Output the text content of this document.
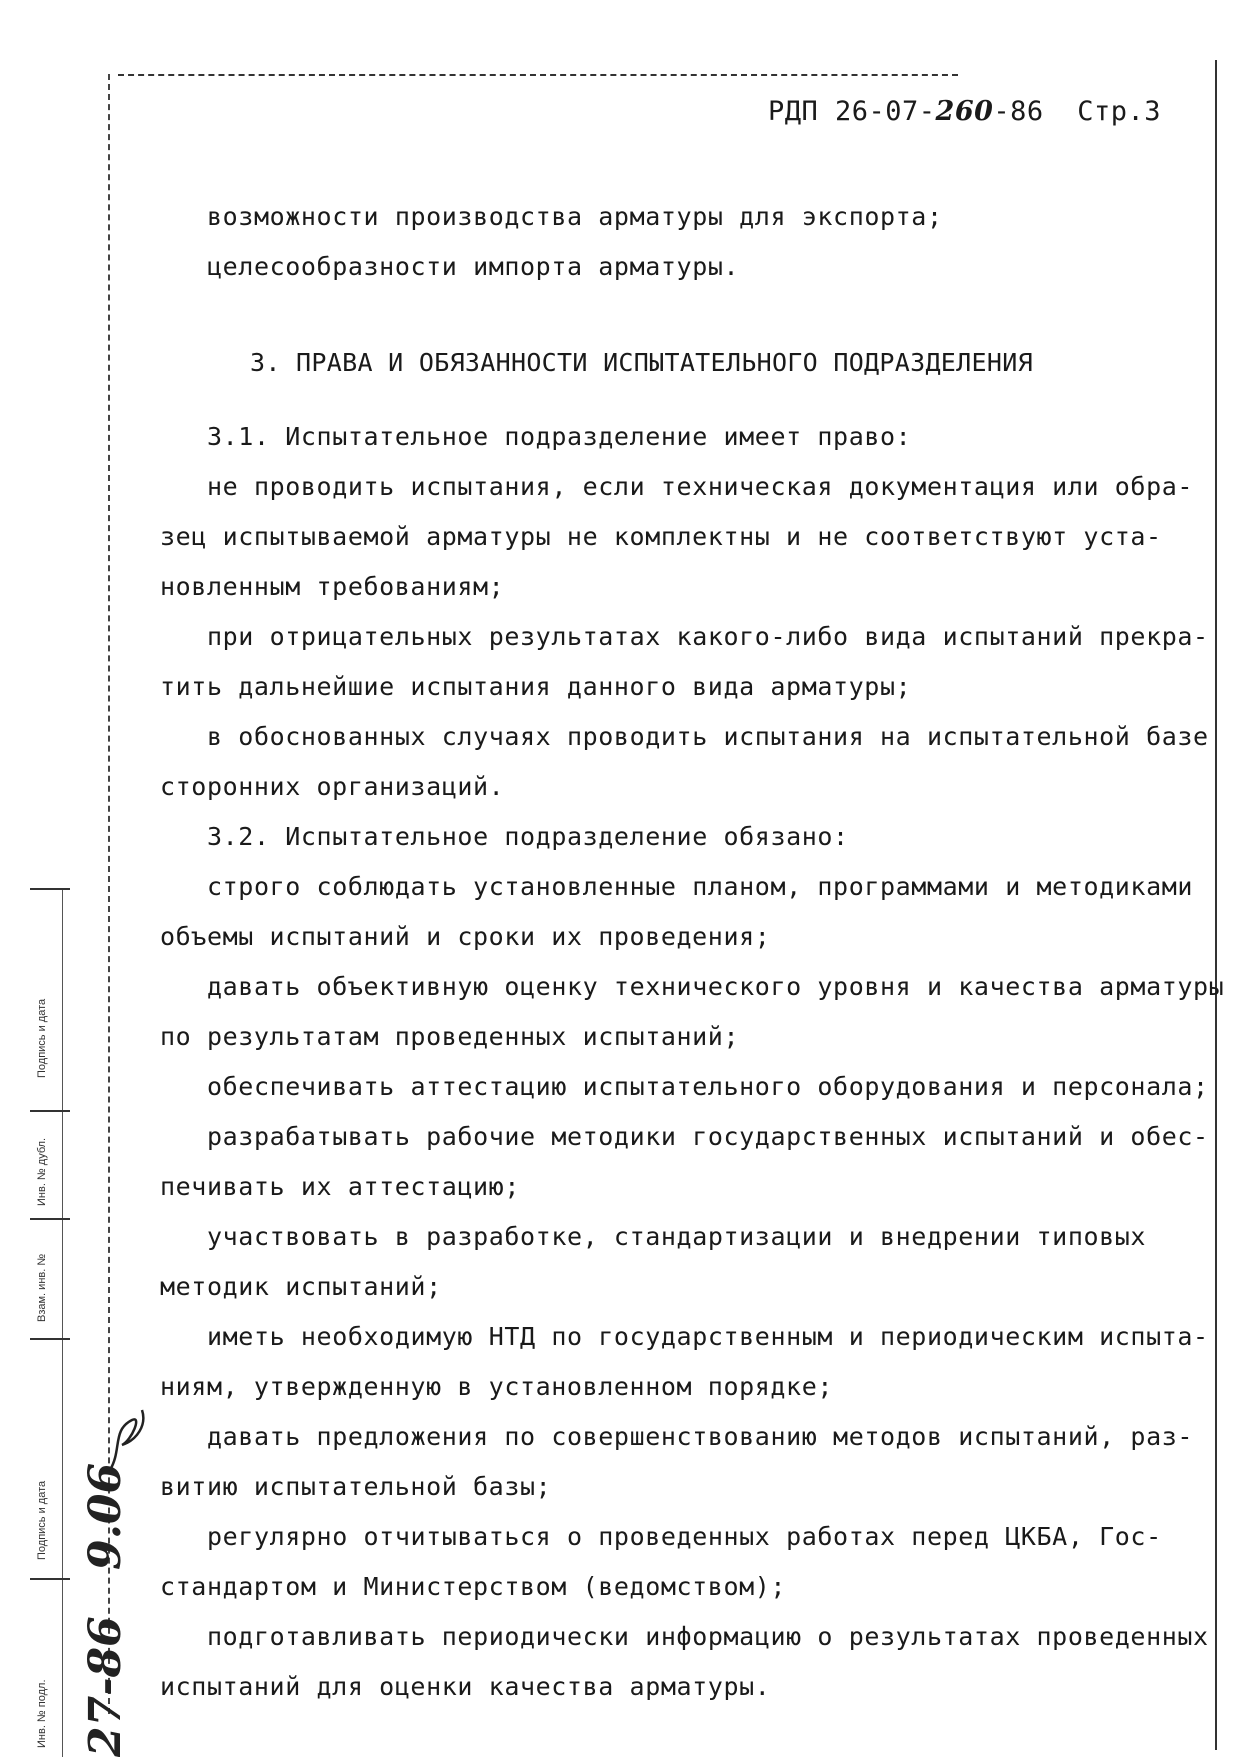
РДП 26-07-260-86 Стр.3
возможности производства арматуры для экспорта;
целесообразности импорта арматуры.
3. ПРАВА И ОБЯЗАННОСТИ ИСПЫТАТЕЛЬНОГО ПОДРАЗДЕЛЕНИЯ
3.1. Испытательное подразделение имеет право:
не проводить испытания, если техническая документация или обра-
зец испытываемой арматуры не комплектны и не соответствуют уста-
новленным требованиям;
при отрицательных результатах какого-либо вида испытаний прекра-
тить дальнейшие испытания данного вида арматуры;
в обоснованных случаях проводить испытания на испытательной базе
сторонних организаций.
3.2. Испытательное подразделение обязано:
строго соблюдать установленные планом, программами и методиками
объемы испытаний и сроки их проведения;
давать объективную оценку технического уровня и качества арматуры
по результатам проведенных испытаний;
обеспечивать аттестацию испытательного оборудования и персонала;
разрабатывать рабочие методики государственных испытаний и обес-
печивать их аттестацию;
участвовать в разработке, стандартизации и внедрении типовых
методик испытаний;
иметь необходимую НТД по государственным и периодическим испыта-
ниям, утвержденную в установленном порядке;
давать предложения по совершенствованию методов испытаний, раз-
витию испытательной базы;
регулярно отчитываться о проведенных работах перед ЦКБА, Гос-
стандартом и Министерством (ведомством);
подготавливать периодически информацию о результатах проведенных
испытаний для оценки качества арматуры.
Подпись и дата
Инв. № дубл.
Взам. инв. №
Подпись и дата
Инв. № подл.
9.06
27-86
